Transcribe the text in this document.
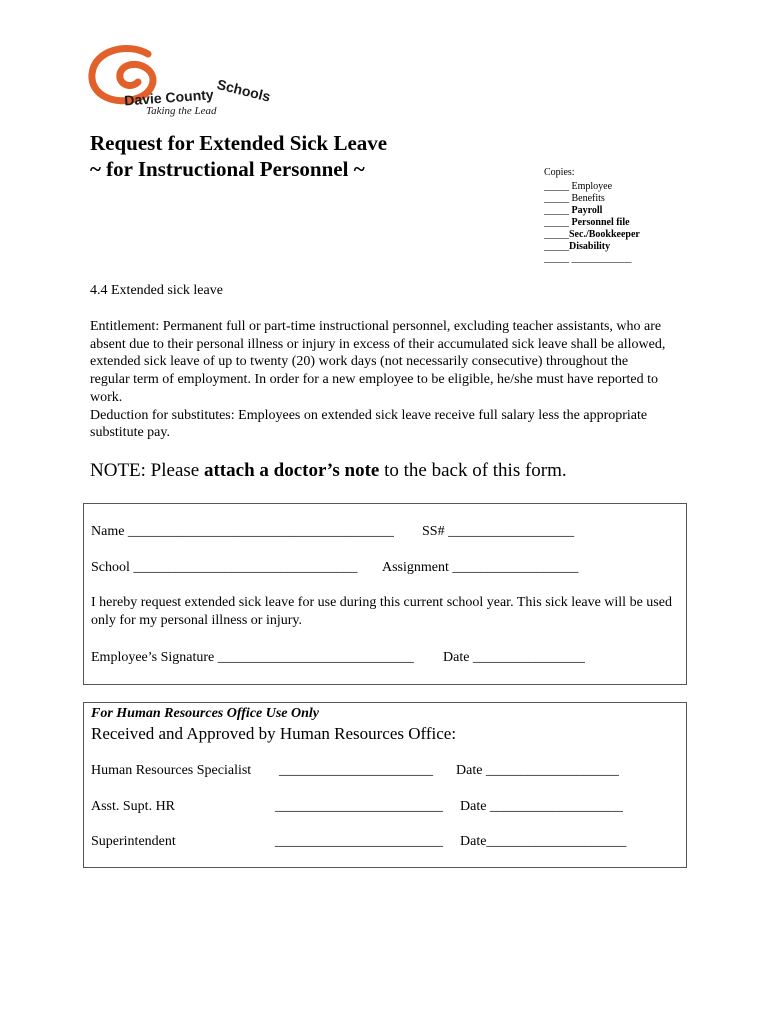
Davie County Schools
Taking the Lead
Request for Extended Sick Leave
~ for Instructional Personnel ~	Copies:
_____ Employee
_____ Benefits
_____ Payroll
_____ Personnel file
_____Sec./Bookkeeper
_____Disability
_____ ____________
4.4 Extended sick leave

Entitlement: Permanent full or part-time instructional personnel, excluding teacher assistants, who are absent due to their personal illness or injury in excess of their accumulated sick leave shall be allowed, extended sick leave of up to twenty (20) work days (not necessarily consecutive) throughout the regular term of employment. In order for a new employee to be eligible, he/she must have reported to work.

Deduction for substitutes: Employees on extended sick leave receive full salary less the appropriate substitute pay.

NOTE: Please attach a doctor’s note to the back of this form.
Name ______________________________________ SS# __________________
School ________________________________ Assignment __________________
I hereby request extended sick leave for use during this current school year. This sick leave will be used only for my personal illness or injury.
Employee’s Signature ____________________________ Date ________________
For Human Resources Office Use Only
Received and Approved by Human Resources Office:
Human Resources Specialist ______________________ Date ___________________
Asst. Supt. HR	________________________ Date ___________________
Superintendent	________________________ Date____________________
